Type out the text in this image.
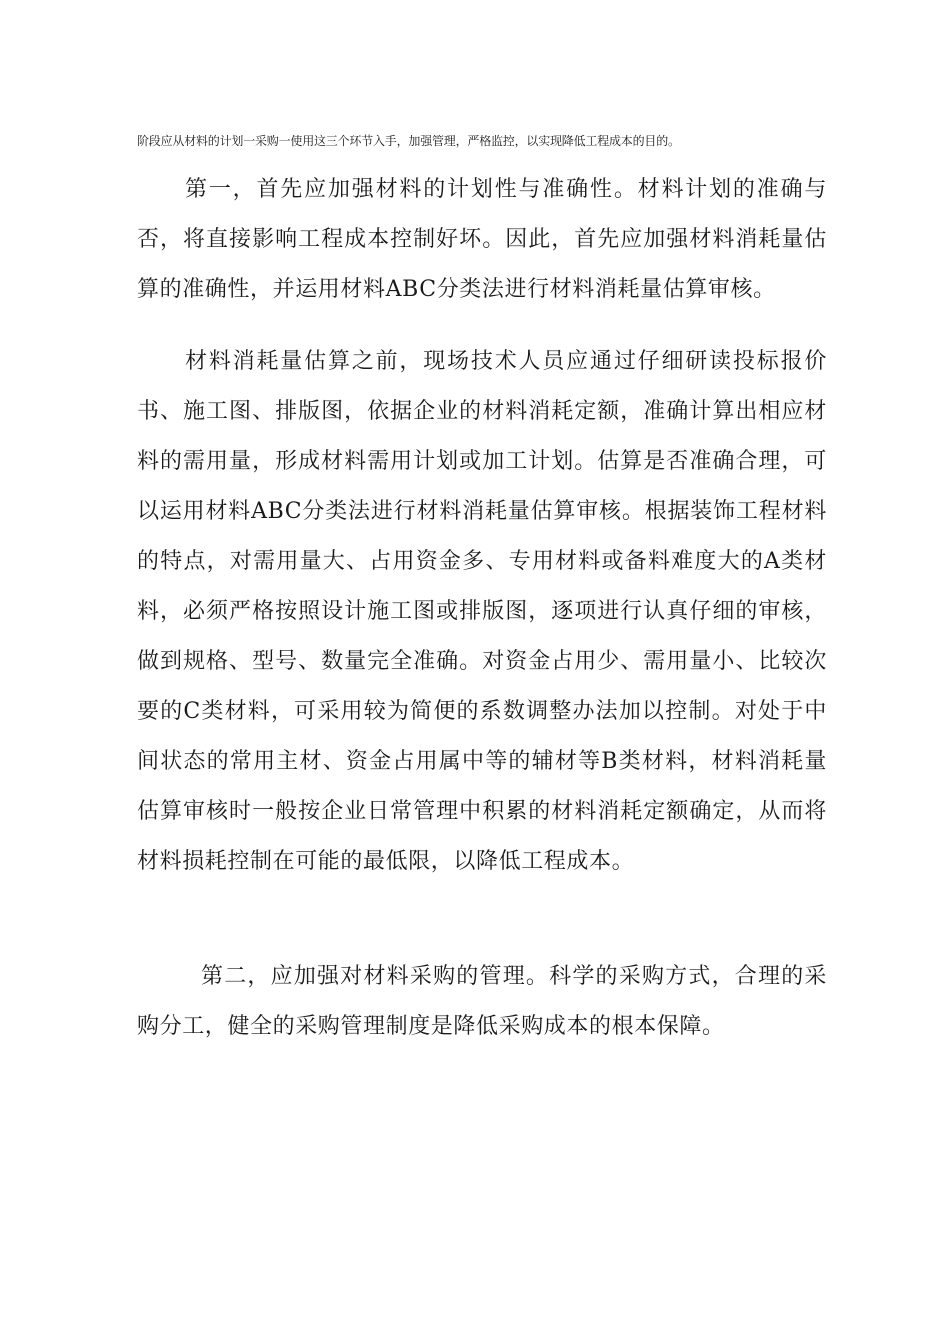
阶段应从材料的计划一采购一使用这三个环节入手，加强管理，严格监控，以实现降低工程成本的目的。

第一，首先应加强材料的计划性与准确性。材料计划的准确与否，将直接影响工程成本控制好坏。因此，首先应加强材料消耗量估算的准确性，并运用材料ABC分类法进行材料消耗量估算审核。

材料消耗量估算之前，现场技术人员应通过仔细研读投标报价书、施工图、排版图，依据企业的材料消耗定额，准确计算出相应材料的需用量，形成材料需用计划或加工计划。估算是否准确合理，可以运用材料ABC分类法进行材料消耗量估算审核。根据装饰工程材料的特点，对需用量大、占用资金多、专用材料或备料难度大的A类材料，必须严格按照设计施工图或排版图，逐项进行认真仔细的审核，做到规格、型号、数量完全准确。对资金占用少、需用量小、比较次要的C类材料，可采用较为简便的系数调整办法加以控制。对处于中间状态的常用主材、资金占用属中等的辅材等B类材料，材料消耗量估算审核时一般按企业日常管理中积累的材料消耗定额确定，从而将材料损耗控制在可能的最低限，以降低工程成本。

第二，应加强对材料采购的管理。科学的采购方式，合理的采购分工，健全的采购管理制度是降低采购成本的根本保障。
